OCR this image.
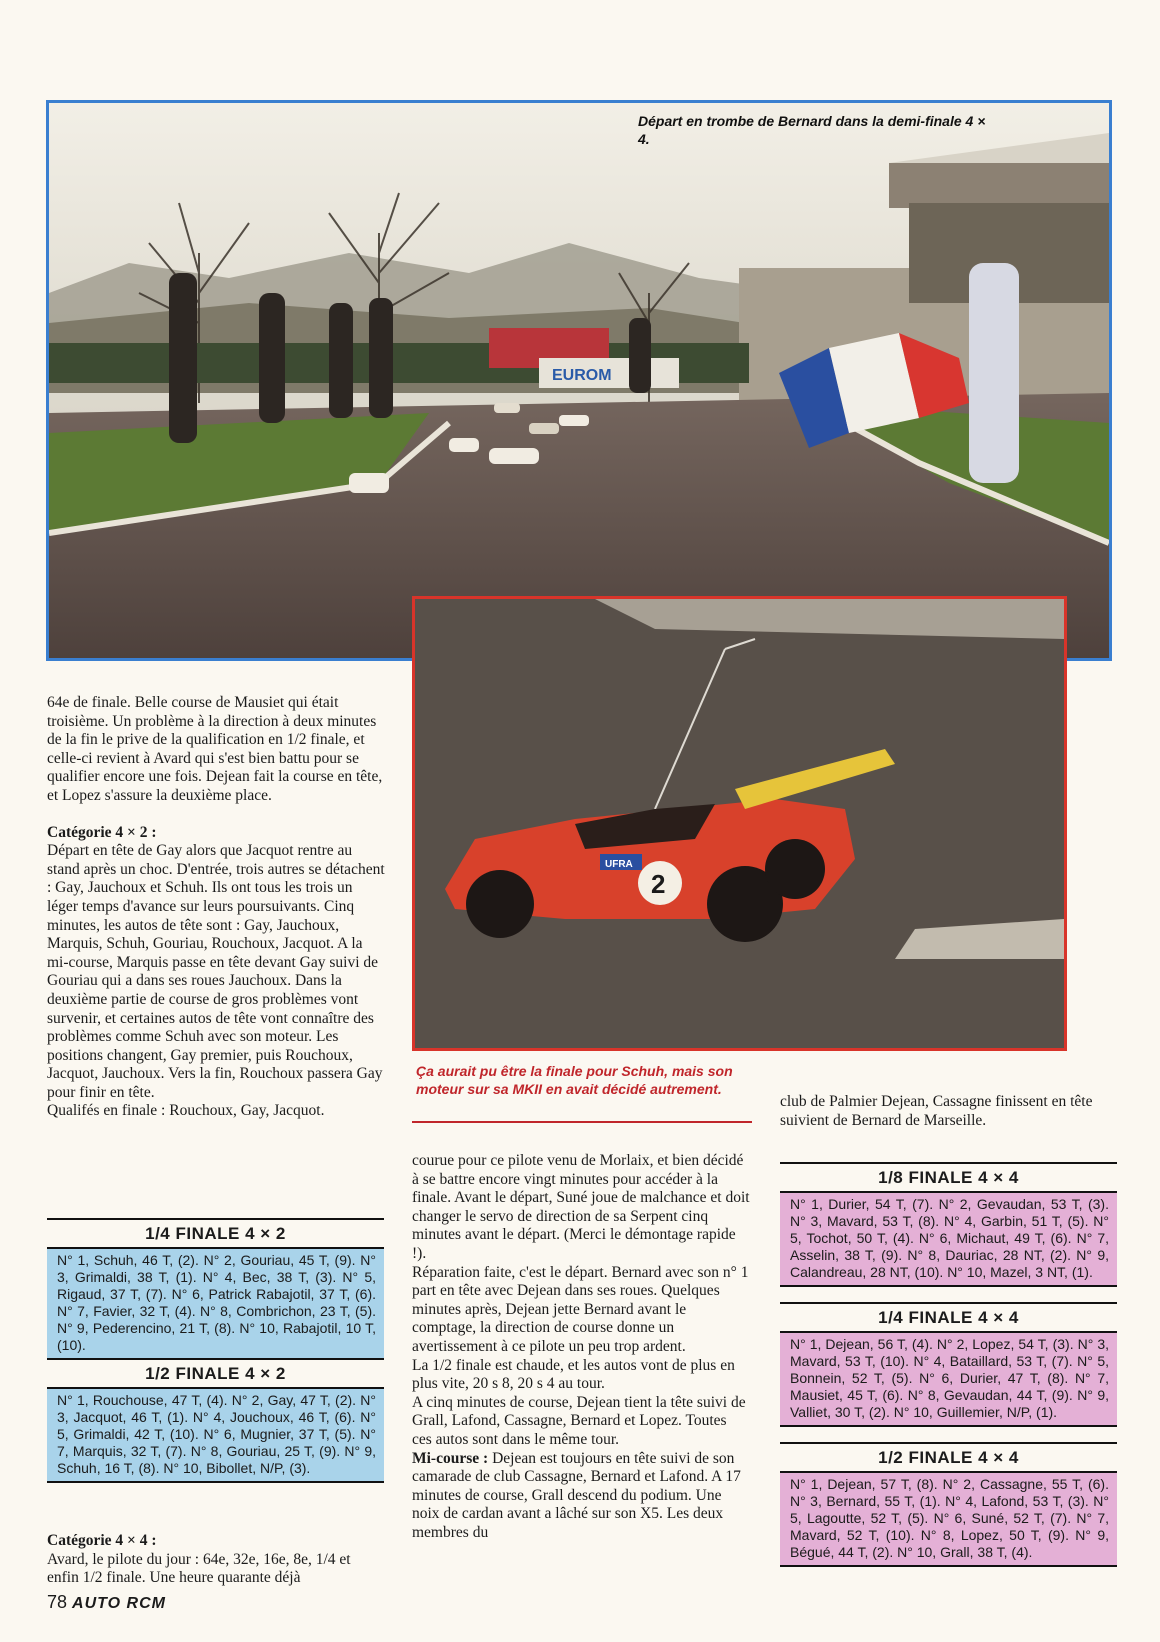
EUROM
Départ en trombe de Bernard dans la demi-finale 4 × 4.
2
UFRA
Ça aurait pu être la finale pour Schuh, mais son moteur sur sa MKII en avait décidé autrement.

64e de finale. Belle course de Mausiet qui était troisième. Un problème à la direction à deux minutes de la fin le prive de la qualification en 1/2 finale, et celle-ci revient à Avard qui s'est bien battu pour se qualifier encore une fois. Dejean fait la course en tête, et Lopez s'assure la deuxième place.

Catégorie 4 × 2 :

Départ en tête de Gay alors que Jacquot rentre au stand après un choc. D'entrée, trois autres se détachent : Gay, Jauchoux et Schuh. Ils ont tous les trois un léger temps d'avance sur leurs poursuivants. Cinq minutes, les autos de tête sont : Gay, Jauchoux, Marquis, Schuh, Gouriau, Rouchoux, Jacquot. A la mi-course, Marquis passe en tête devant Gay suivi de Gouriau qui a dans ses roues Jauchoux. Dans la deuxième partie de course de gros problèmes vont survenir, et certaines autos de tête vont connaître des problèmes comme Schuh avec son moteur. Les positions changent, Gay premier, puis Rouchoux, Jacquot, Jauchoux. Vers la fin, Rouchoux passera Gay pour finir en tête.

Qualifés en finale : Rouchoux, Gay, Jacquot.

Catégorie 4 × 4 :

Avard, le pilote du jour : 64e, 32e, 16e, 8e, 1/4 et enfin 1/2 finale. Une heure quarante déjà

1/4 FINALE 4 × 2
N° 1, Schuh, 46 T, (2). N° 2, Gouriau, 45 T, (9). N° 3, Grimaldi, 38 T, (1). N° 4, Bec, 38 T, (3). N° 5, Rigaud, 37 T, (7). N° 6, Patrick Rabajotil, 37 T, (6). N° 7, Favier, 32 T, (4). N° 8, Combrichon, 23 T, (5). N° 9, Pederencino, 21 T, (8). N° 10, Rabajotil, 10 T, (10).
1/2 FINALE 4 × 2
N° 1, Rouchouse, 47 T, (4). N° 2, Gay, 47 T, (2). N° 3, Jacquot, 46 T, (1). N° 4, Jouchoux, 46 T, (6). N° 5, Grimaldi, 42 T, (10). N° 6, Mugnier, 37 T, (5). N° 7, Marquis, 32 T, (7). N° 8, Gouriau, 25 T, (9). N° 9, Schuh, 16 T, (8). N° 10, Bibollet, N/P, (3).

courue pour ce pilote venu de Morlaix, et bien décidé à se battre encore vingt minutes pour accéder à la finale. Avant le départ, Suné joue de malchance et doit changer le servo de direction de sa Serpent cinq minutes avant le départ. (Merci le démontage rapide !).

Réparation faite, c'est le départ. Bernard avec son n° 1 part en tête avec Dejean dans ses roues. Quelques minutes après, Dejean jette Bernard avant le comptage, la direction de course donne un avertissement à ce pilote un peu trop ardent.

La 1/2 finale est chaude, et les autos vont de plus en plus vite, 20 s 8, 20 s 4 au tour.

A cinq minutes de course, Dejean tient la tête suivi de Grall, Lafond, Cassagne, Bernard et Lopez. Toutes ces autos sont dans le même tour.

Mi-course : Dejean est toujours en tête suivi de son camarade de club Cassagne, Bernard et Lafond. A 17 minutes de course, Grall descend du podium. Une noix de cardan avant a lâché sur son X5. Les deux membres du

club de Palmier Dejean, Cassagne finissent en tête suivient de Bernard de Marseille.

1/8 FINALE 4 × 4
N° 1, Durier, 54 T, (7). N° 2, Gevaudan, 53 T, (3). N° 3, Mavard, 53 T, (8). N° 4, Garbin, 51 T, (5). N° 5, Tochot, 50 T, (4). N° 6, Michaut, 49 T, (6). N° 7, Asselin, 38 T, (9). N° 8, Dauriac, 28 NT, (2). N° 9, Calandreau, 28 NT, (10). N° 10, Mazel, 3 NT, (1).
1/4 FINALE 4 × 4
N° 1, Dejean, 56 T, (4). N° 2, Lopez, 54 T, (3). N° 3, Mavard, 53 T, (10). N° 4, Bataillard, 53 T, (7). N° 5, Bonnein, 52 T, (5). N° 6, Durier, 47 T, (8). N° 7, Mausiet, 45 T, (6). N° 8, Gevaudan, 44 T, (9). N° 9, Valliet, 30 T, (2). N° 10, Guillemier, N/P, (1).
1/2 FINALE 4 × 4
N° 1, Dejean, 57 T, (8). N° 2, Cassagne, 55 T, (6). N° 3, Bernard, 55 T, (1). N° 4, Lafond, 53 T, (3). N° 5, Lagoutte, 52 T, (5). N° 6, Suné, 52 T, (7). N° 7, Mavard, 52 T, (10). N° 8, Lopez, 50 T, (9). N° 9, Bégué, 44 T, (2). N° 10, Grall, 38 T, (4).
78 AUTO RCM
